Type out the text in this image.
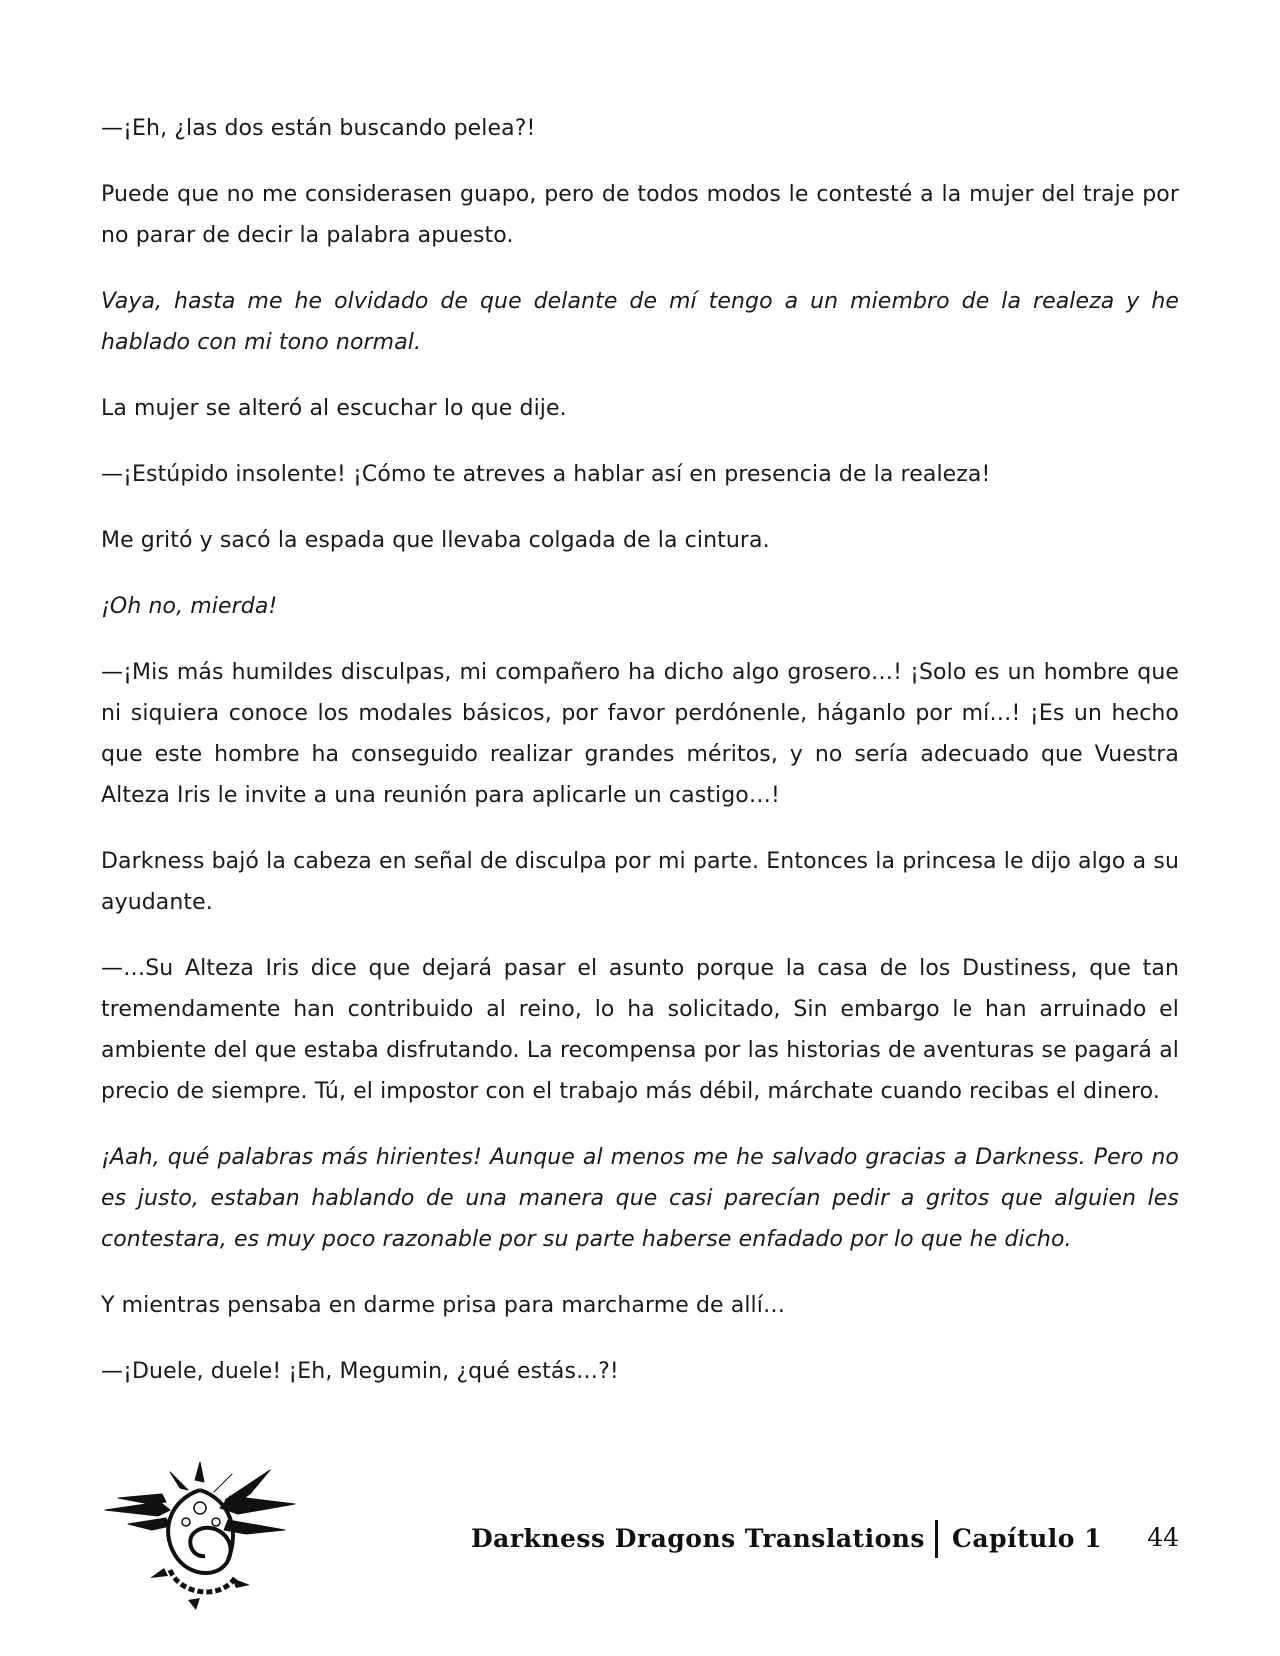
—¡Eh, ¿las dos están buscando pelea?!

Puede que no me considerasen guapo, pero de todos modos le contesté a la mujer del traje por no parar de decir la palabra apuesto.

Vaya, hasta me he olvidado de que delante de mí tengo a un miembro de la realeza y he hablado con mi tono normal.

La mujer se alteró al escuchar lo que dije.

—¡Estúpido insolente! ¡Cómo te atreves a hablar así en presencia de la realeza!

Me gritó y sacó la espada que llevaba colgada de la cintura.

¡Oh no, mierda!

—¡Mis más humildes disculpas, mi compañero ha dicho algo grosero…! ¡Solo es un hombre que ni siquiera conoce los modales básicos, por favor perdónenle, háganlo por mí…! ¡Es un hecho que este hombre ha conseguido realizar grandes méritos, y no sería adecuado que Vuestra Alteza Iris le invite a una reunión para aplicarle un castigo…!

Darkness bajó la cabeza en señal de disculpa por mi parte. Entonces la princesa le dijo algo a su ayudante.

—…Su Alteza Iris dice que dejará pasar el asunto porque la casa de los Dustiness, que tan tremendamente han contribuido al reino, lo ha solicitado, Sin embargo le han arruinado el ambiente del que estaba disfrutando. La recompensa por las historias de aventuras se pagará al precio de siempre. Tú, el impostor con el trabajo más débil, márchate cuando recibas el dinero.

¡Aah, qué palabras más hirientes! Aunque al menos me he salvado gracias a Darkness. Pero no es justo, estaban hablando de una manera que casi parecían pedir a gritos que alguien les contestara, es muy poco razonable por su parte haberse enfadado por lo que he dicho.

Y mientras pensaba en darme prisa para marcharme de allí…

—¡Duele, duele! ¡Eh, Megumin, ¿qué estás…?!

Darkness Dragons Translations Capítulo 1 44
